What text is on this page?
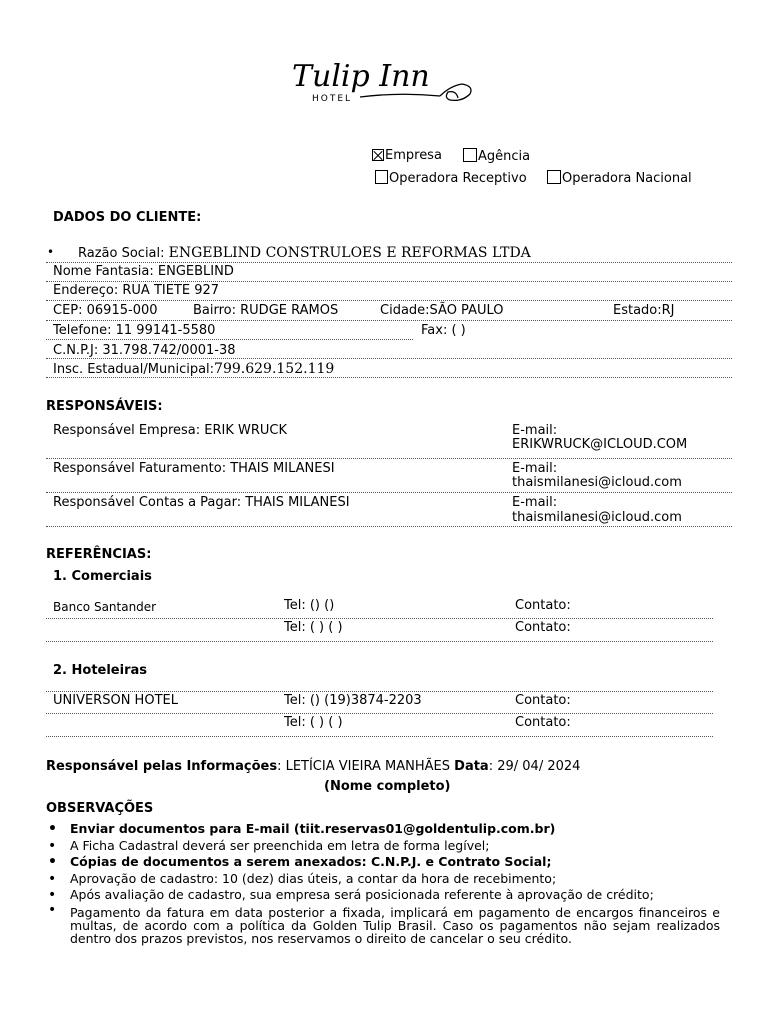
Tulip Inn
HOTEL
Empresa	Agência
Operadora Receptivo	Operadora Nacional
DADOS DO CLIENTE:
• Razão Social: ENGEBLIND CONSTRULOES E REFORMAS LTDA
Nome Fantasia: ENGEBLIND
Endereço: RUA TIETE 927
CEP: 06915-000	Bairro: RUDGE RAMOS	Cidade:SÃO PAULO	Estado:RJ
Telefone: 11 99141-5580	Fax: ( )
C.N.P.J: 31.798.742/0001-38
Insc. Estadual/Municipal:799.629.152.119
RESPONSÁVEIS:
Responsável Empresa: ERIK WRUCK	E-mail:
ERIKWRUCK@ICLOUD.COM
Responsável Faturamento: THAIS MILANESI	E-mail:
thaismilanesi@icloud.com
Responsável Contas a Pagar: THAIS MILANESI	E-mail:
thaismilanesi@icloud.com
REFERÊNCIAS:
1. Comerciais
Banco Santander	Tel: () ()	Contato:
Tel: ( ) ( )	Contato:
2. Hoteleiras
UNIVERSON HOTEL	Tel: () (19)3874-2203	Contato:
Tel: ( ) ( )	Contato:
Responsável pelas Informações: LETÍCIA VIEIRA MANHÃES Data: 29/ 04/ 2024
(Nome completo)
OBSERVAÇÕES
• Enviar documentos para E-mail (tiit.reservas01@goldentulip.com.br)
• A Ficha Cadastral deverá ser preenchida em letra de forma legível;
• Cópias de documentos a serem anexados: C.N.P.J. e Contrato Social;
• Aprovação de cadastro: 10 (dez) dias úteis, a contar da hora de recebimento;
• Após avaliação de cadastro, sua empresa será posicionada referente à aprovação de crédito;
• Pagamento da fatura em data posterior a fixada, implicará em pagamento de encargos financeiros e multas, de acordo com a política da Golden Tulip Brasil. Caso os pagamentos não sejam realizados dentro dos prazos previstos, nos reservamos o direito de cancelar o seu crédito.
